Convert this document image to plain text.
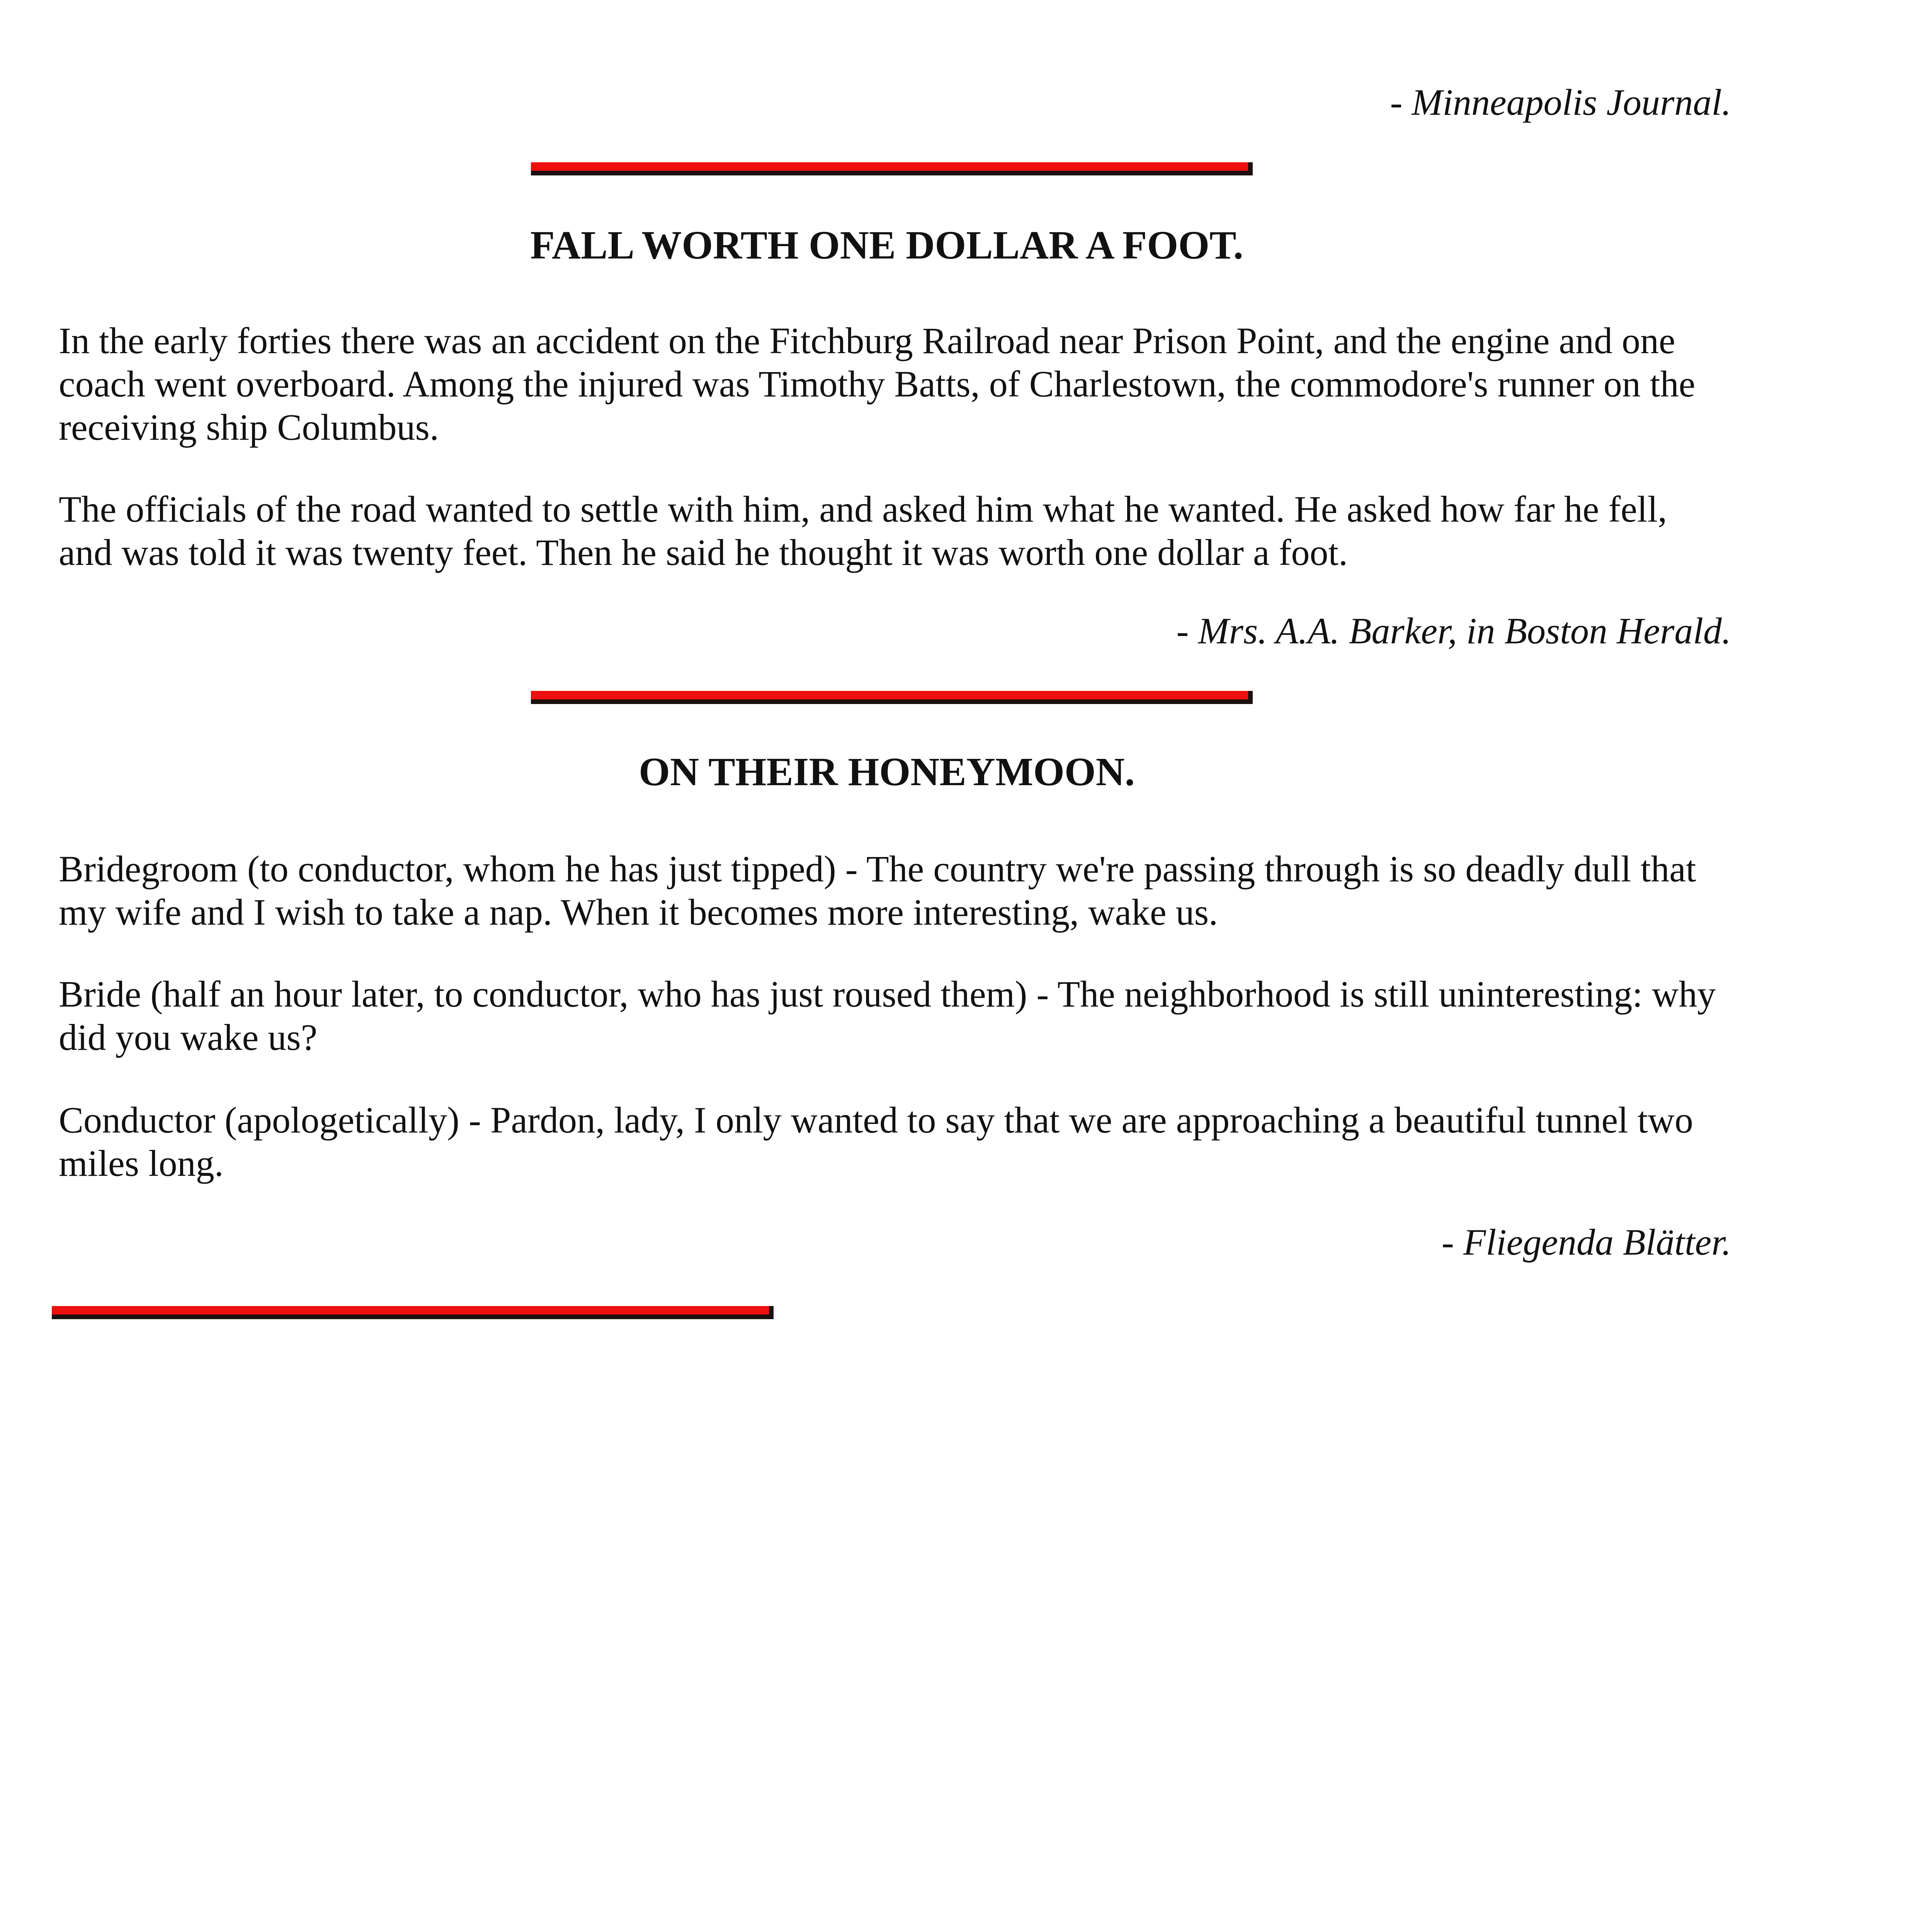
- Minneapolis Journal.
FALL WORTH ONE DOLLAR A FOOT.
In the early forties there was an accident on the Fitchburg Railroad near Prison Point, and the engine and one coach went overboard. Among the injured was Timothy Batts, of Charlestown, the commodore's runner on the receiving ship Columbus.
The officials of the road wanted to settle with him, and asked him what he wanted. He asked how far he fell, and was told it was twenty feet. Then he said he thought it was worth one dollar a foot.
- Mrs. A.A. Barker, in Boston Herald.
ON THEIR HONEYMOON.
Bridegroom (to conductor, whom he has just tipped) - The country we're passing through is so deadly dull that my wife and I wish to take a nap. When it becomes more interesting, wake us.
Bride (half an hour later, to conductor, who has just roused them) - The neighborhood is still uninteresting: why did you wake us?
Conductor (apologetically) - Pardon, lady, I only wanted to say that we are approaching a beautiful tunnel two miles long.
- Fliegenda Blätter.
